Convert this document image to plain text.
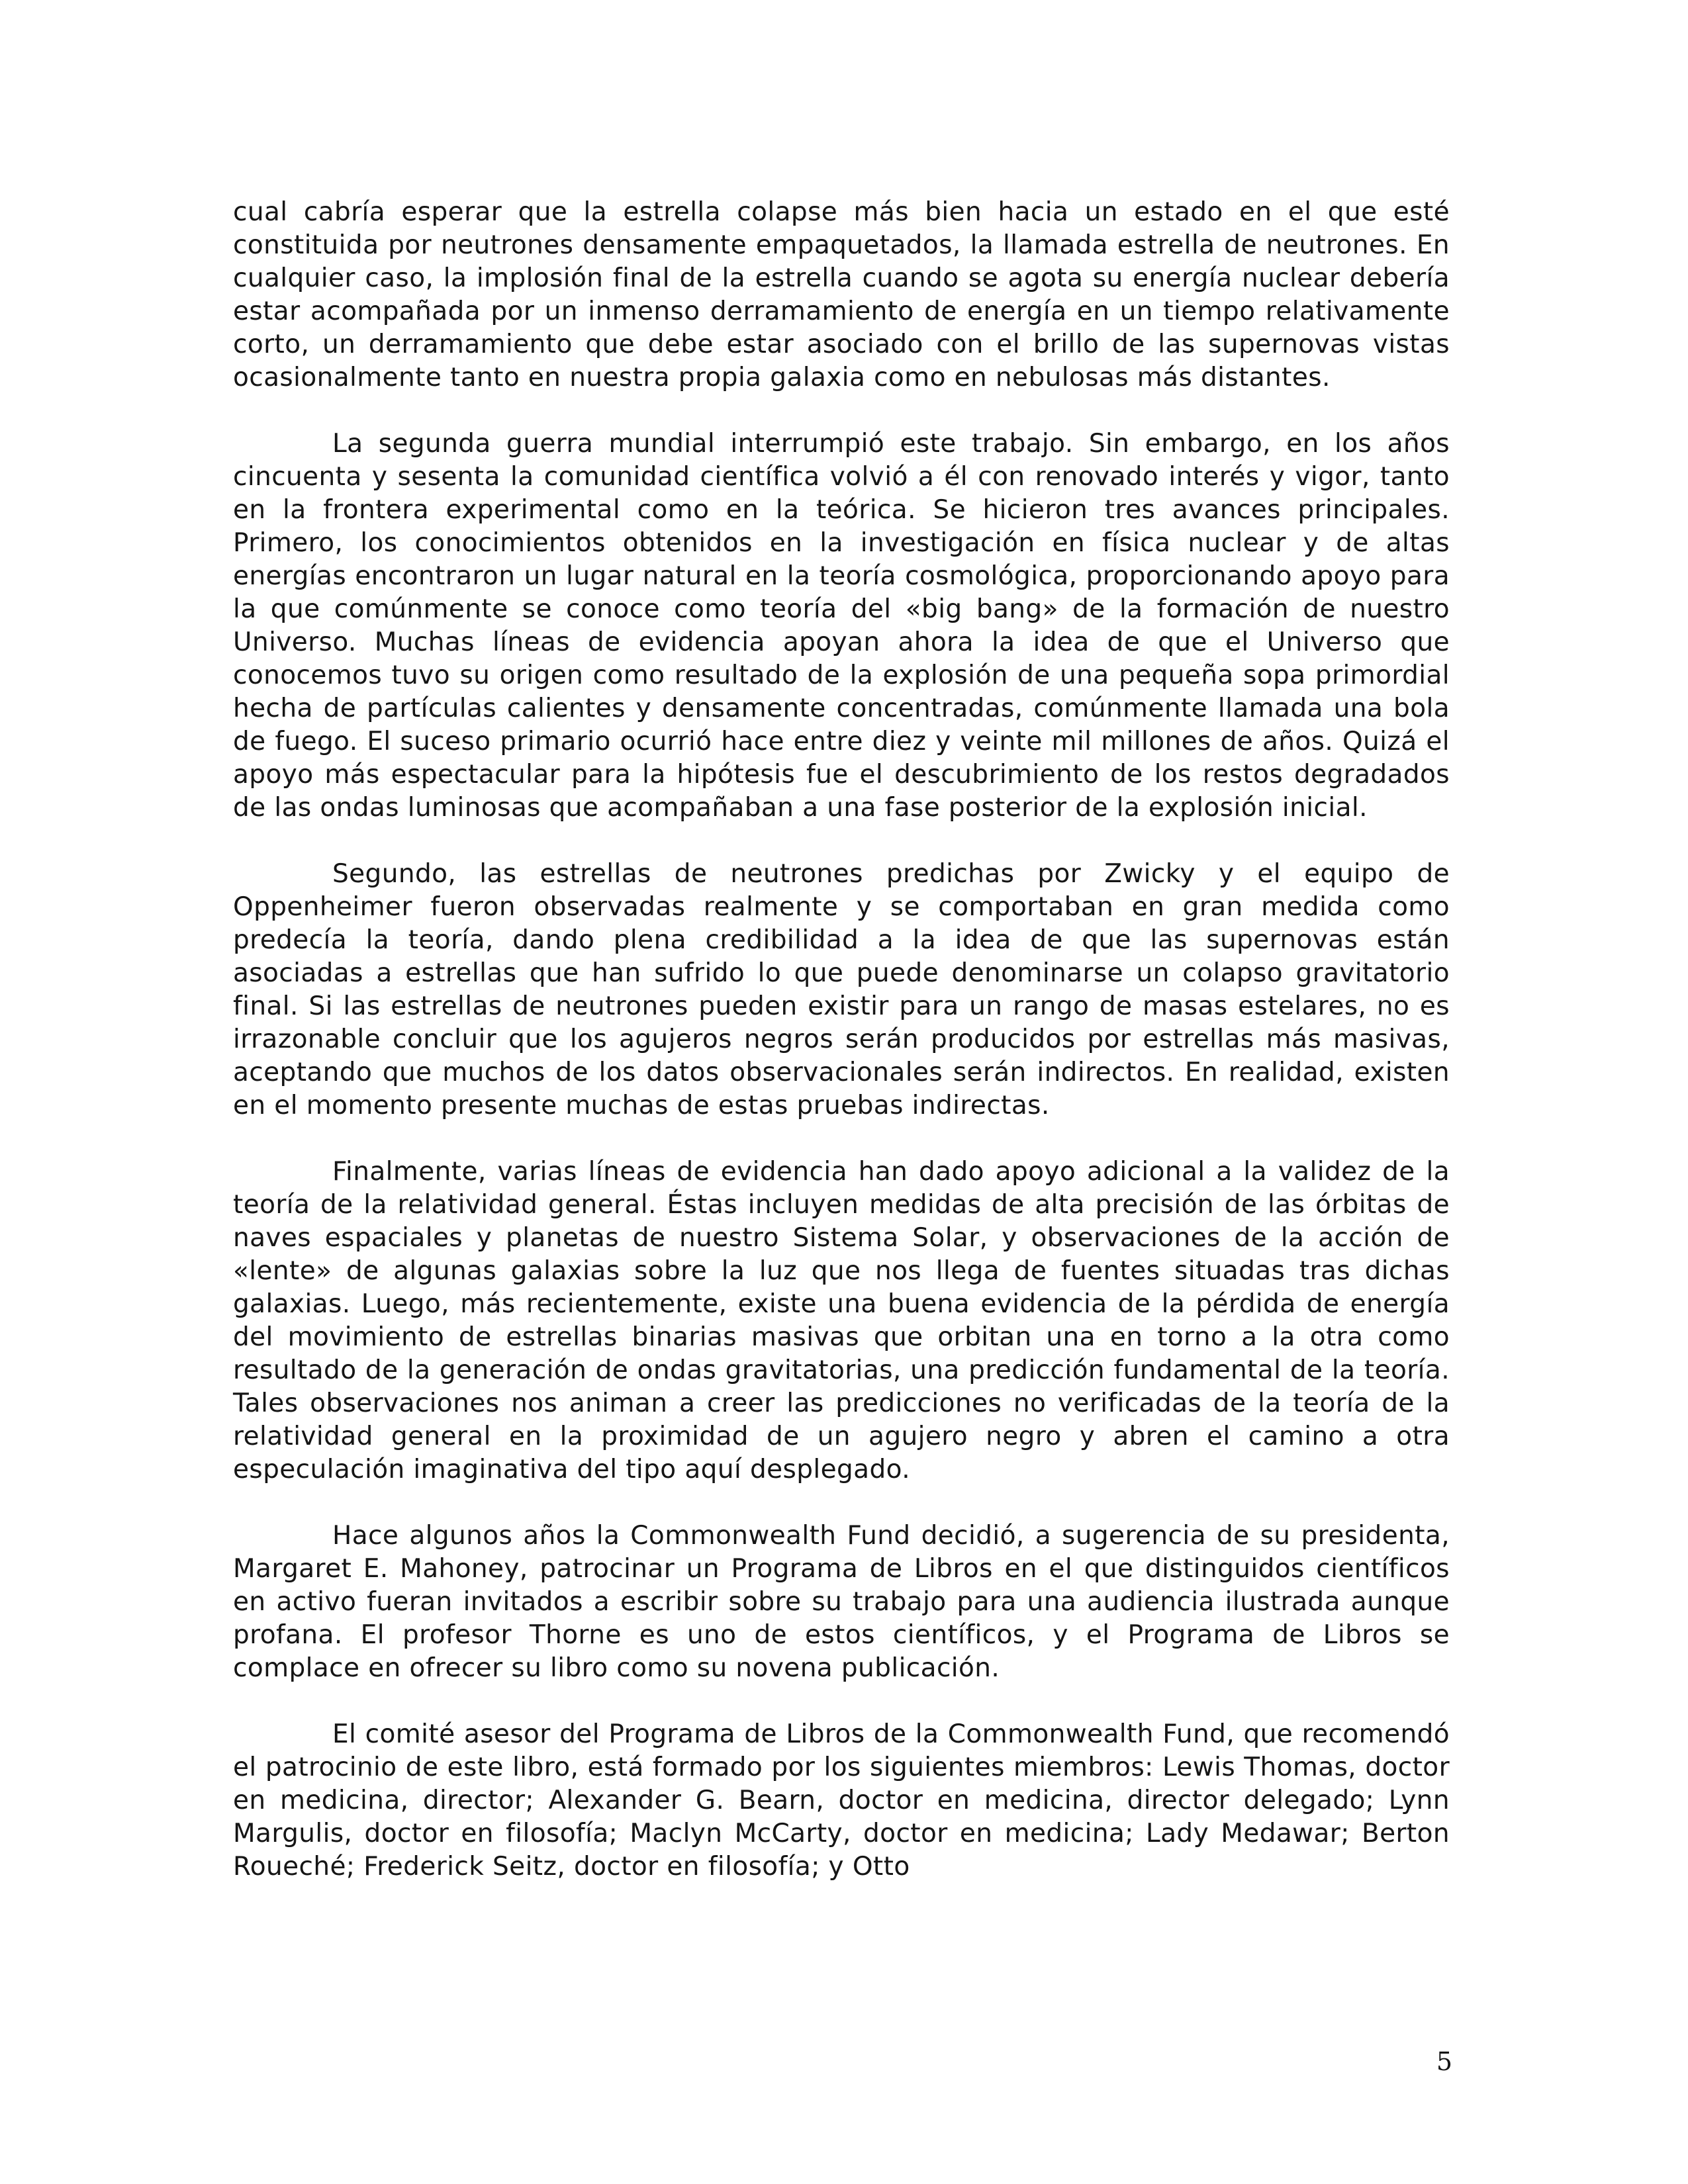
cual cabría esperar que la estrella colapse más bien hacia un estado en el que esté constituida por neutrones densamente empaquetados, la llamada estrella de neutrones. En cualquier caso, la implosión final de la estrella cuando se agota su energía nuclear debería estar acompañada por un inmenso derramamiento de energía en un tiempo relativamente corto, un derramamiento que debe estar asociado con el brillo de las supernovas vistas ocasionalmente tanto en nuestra propia galaxia como en nebulosas más distantes.

La segunda guerra mundial interrumpió este trabajo. Sin embargo, en los años cincuenta y sesenta la comunidad científica volvió a él con renovado interés y vigor, tanto en la frontera experimental como en la teórica. Se hicieron tres avances principales. Primero, los conocimientos obtenidos en la investigación en física nuclear y de altas energías encontraron un lugar natural en la teoría cosmológica, proporcionando apoyo para la que comúnmente se conoce como teoría del «big bang» de la formación de nuestro Universo. Muchas líneas de evidencia apoyan ahora la idea de que el Universo que conocemos tuvo su origen como resultado de la explosión de una pequeña sopa primordial hecha de partículas calientes y densamente concentradas, comúnmente llamada una bola de fuego. El suceso primario ocurrió hace entre diez y veinte mil millones de años. Quizá el apoyo más espectacular para la hipótesis fue el descubrimiento de los restos degradados de las ondas luminosas que acompañaban a una fase posterior de la explosión inicial.

Segundo, las estrellas de neutrones predichas por Zwicky y el equipo de Oppenheimer fueron observadas realmente y se comportaban en gran medida como predecía la teoría, dando plena credibilidad a la idea de que las supernovas están asociadas a estrellas que han sufrido lo que puede denominarse un colapso gravitatorio final. Si las estrellas de neutrones pueden existir para un rango de masas estelares, no es irrazonable concluir que los agujeros negros serán producidos por estrellas más masivas, aceptando que muchos de los datos observacionales serán indirectos. En realidad, existen en el momento presente muchas de estas pruebas indirectas.

Finalmente, varias líneas de evidencia han dado apoyo adicional a la validez de la teoría de la relatividad general. Éstas incluyen medidas de alta precisión de las órbitas de naves espaciales y planetas de nuestro Sistema Solar, y observaciones de la acción de «lente» de algunas galaxias sobre la luz que nos llega de fuentes situadas tras dichas galaxias. Luego, más recientemente, existe una buena evidencia de la pérdida de energía del movimiento de estrellas binarias masivas que orbitan una en torno a la otra como resultado de la generación de ondas gravitatorias, una predicción fundamental de la teoría. Tales observaciones nos animan a creer las predicciones no verificadas de la teoría de la relatividad general en la proximidad de un agujero negro y abren el camino a otra especulación imaginativa del tipo aquí desplegado.

Hace algunos años la Commonwealth Fund decidió, a sugerencia de su presidenta, Margaret E. Mahoney, patrocinar un Programa de Libros en el que distinguidos científicos en activo fueran invitados a escribir sobre su trabajo para una audiencia ilustrada aunque profana. El profesor Thorne es uno de estos científicos, y el Programa de Libros se complace en ofrecer su libro como su novena publicación.

El comité asesor del Programa de Libros de la Commonwealth Fund, que recomendó el patrocinio de este libro, está formado por los siguientes miembros: Lewis Thomas, doctor en medicina, director; Alexander G. Bearn, doctor en medicina, director delegado; Lynn Margulis, doctor en filosofía; Maclyn McCarty, doctor en medicina; Lady Medawar; Berton Roueché; Frederick Seitz, doctor en filosofía; y Otto

5
